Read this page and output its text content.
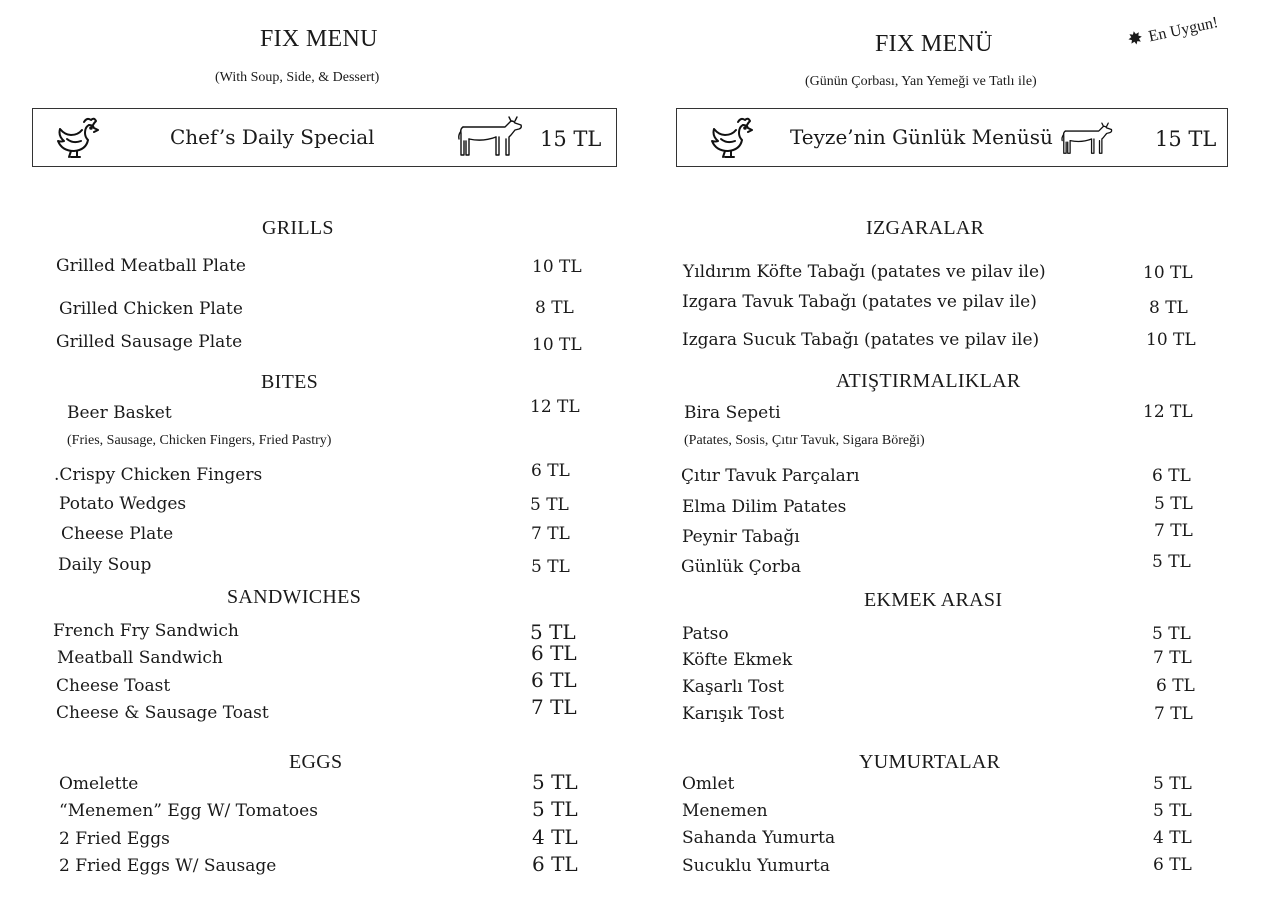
FIX MENU
(With Soup, Side, & Dessert)
Chef’s Daily Special	15 TL
GRILLS
Grilled Meatball Plate	10 TL
Grilled Chicken Plate	8 TL
Grilled Sausage Plate	10 TL
BITES
Beer Basket	12 TL
(Fries, Sausage, Chicken Fingers, Fried Pastry)
.Crispy Chicken Fingers	6 TL
Potato Wedges	5 TL
Cheese Plate	7 TL
Daily Soup	5 TL
SANDWICHES
French Fry Sandwich	5 TL
Meatball Sandwich	6 TL
Cheese Toast	6 TL
Cheese & Sausage Toast	7 TL
EGGS
Omelette	5 TL
“Menemen” Egg W/ Tomatoes	5 TL
2 Fried Eggs	4 TL
2 Fried Eggs W/ Sausage	6 TL
FIX MENÜ
(Günün Çorbası, Yan Yemeği ve Tatlı ile)
Teyze’nin Günlük Menüsü	15 TL
IZGARALAR
Yıldırım Köfte Tabağı (patates ve pilav ile)	10 TL
Izgara Tavuk Tabağı (patates ve pilav ile)	8 TL
Izgara Sucuk Tabağı (patates ve pilav ile)	10 TL
ATIŞTIRMALIKLAR
Bira Sepeti	12 TL
(Patates, Sosis, Çıtır Tavuk, Sigara Böreği)
Çıtır Tavuk Parçaları	6 TL
Elma Dilim Patates	5 TL
Peynir Tabağı	7 TL
Günlük Çorba	5 TL
EKMEK ARASI
Patso	5 TL
Köfte Ekmek	7 TL
Kaşarlı Tost	6 TL
Karışık Tost	7 TL
YUMURTALAR
Omlet	5 TL
Menemen	5 TL
Sahanda Yumurta	4 TL
Sucuklu Yumurta	6 TL
✸ En Uygun!
